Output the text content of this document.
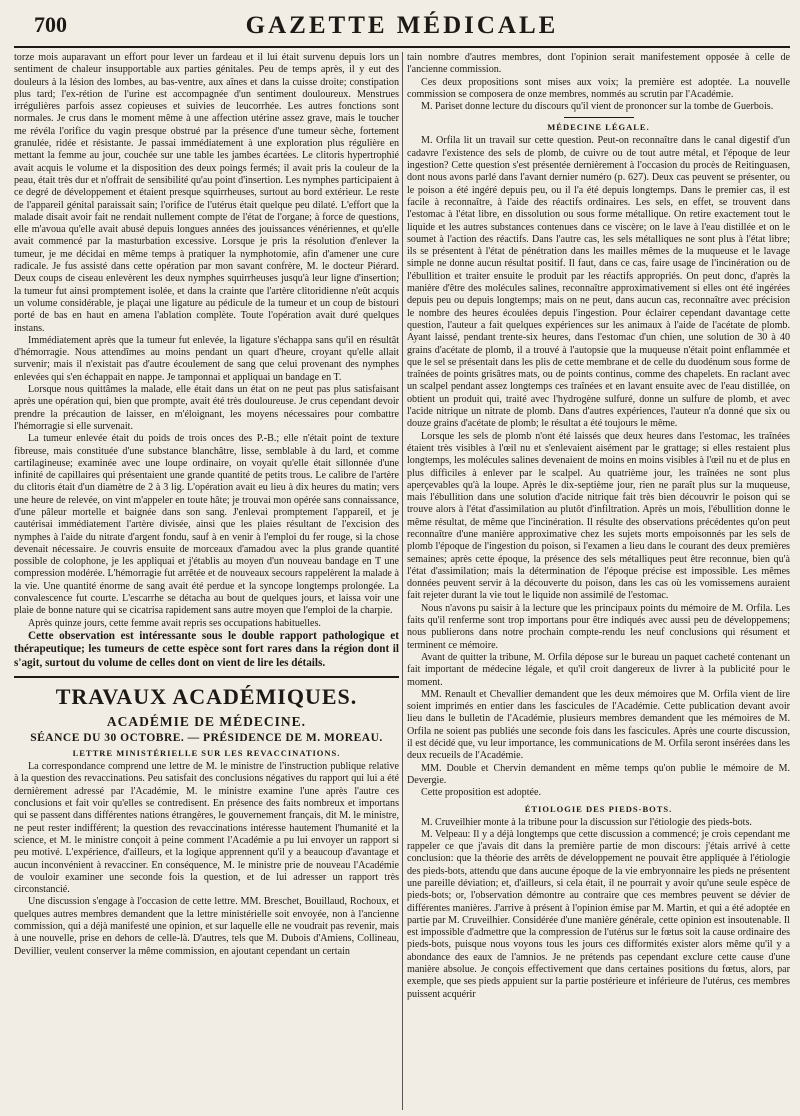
700	GAZETTE MÉDICALE

torze mois auparavant un effort pour lever un fardeau et il lui était survenu depuis lors un sentiment de chaleur insupportable aux parties génitales. Peu de temps après, il y eut des douleurs à la lésion des lombes, au bas-ventre, aux aînes et dans la cuisse droite; constipation plus tard; l'ex-rétion de l'urine est accompagnée d'un sentiment douloureux. Menstrues irrégulières parfois assez copieuses et suivies de leucorrhée. Les autres fonctions sont normales. Je crus dans le moment même à une affection utérine assez grave, mais le toucher me révéla l'orifice du vagin presque obstrué par la présence d'une tumeur sèche, fortement granulée, ridée et résistante. Je passai immédiatement à une exploration plus régulière en mettant la femme au jour, couchée sur une table les jambes écartées. Le clitoris hypertrophié avait acquis le volume et la disposition des deux poings fermés; il avait pris la couleur de la peau, était très dur et n'offrait de sensibilité qu'au point d'insertion. Les nymphes participaient à ce degré de développement et étaient presque squirrheuses, surtout au bord extérieur. Le reste de l'appareil génital paraissait sain; l'orifice de l'utérus était quelque peu dilaté. L'effort que la malade disait avoir fait ne rendait nullement compte de l'état de l'organe; à force de questions, elle m'avoua qu'elle avait abusé depuis longues années des jouissances vénériennes, et qu'elle avait commencé par la masturbation excessive. Lorsque je pris la résolution d'enlever la tumeur, je me décidai en même temps à pratiquer la nymphotomie, afin d'amener une cure radicale. Je fus assisté dans cette opération par mon savant confrère, M. le docteur Piérard. Deux coups de ciseau enlevèrent les deux nymphes squirrheuses jusqu'à leur ligne d'insertion; la tumeur fut ainsi promptement isolée, et dans la crainte que l'artère clitoridienne n'eût acquis un volume considérable, je plaçai une ligature au pédicule de la tumeur et un coup de bistouri porté de bas en haut en amena l'ablation complète. Toute l'opération avait duré quelques instans.

Immédiatement après que la tumeur fut enlevée, la ligature s'échappa sans qu'il en résultât d'hémorragie. Nous attendîmes au moins pendant un quart d'heure, croyant qu'elle allait survenir; mais il n'existait pas d'autre écoulement de sang que celui provenant des nymphes enlevées qui s'en échappait en nappe. Je tamponnai et appliquai un bandage en T.

Lorsque nous quittâmes la malade, elle était dans un état on ne peut pas plus satisfaisant après une opération qui, bien que prompte, avait été très douloureuse. Je crus cependant devoir prendre la précaution de laisser, en m'éloignant, les moyens nécessaires pour combattre l'hémorragie si elle survenait.

La tumeur enlevée était du poids de trois onces des P.-B.; elle n'était point de texture fibreuse, mais constituée d'une substance blanchâtre, lisse, semblable à du lard, et comme cartilagineuse; examinée avec une loupe ordinaire, on voyait qu'elle était sillonnée d'une infinité de capillaires qui présentaient une grande quantité de petits trous. Le calibre de l'artère du clitoris était d'un diamètre de 2 à 3 lig. L'opération avait eu lieu à dix heures du matin; vers une heure de relevée, on vint m'appeler en toute hâte; je trouvai mon opérée sans connaissance, d'une pâleur mortelle et baignée dans son sang. J'enlevai promptement l'appareil, et je cautérisai immédiatement l'artère divisée, ainsi que les plaies résultant de l'excision des nymphes à l'aide du nitrate d'argent fondu, sauf à en venir à l'emploi du fer rouge, si la chose devenait nécessaire. Je couvris ensuite de morceaux d'amadou avec la plus grande quantité possible de colophone, je les appliquai et j'établis au moyen d'un nouveau bandage en T une compression modérée. L'hémorragie fut arrêtée et de nouveaux secours rappelèrent la malade à la vie. Une quantité énorme de sang avait été perdue et la syncope longtemps prolongée. La convalescence fut courte. L'escarrhe se détacha au bout de quelques jours, et laissa voir une plaie de bonne nature qui se cicatrisa rapidement sans autre moyen que l'emploi de la charpie.

Après quinze jours, cette femme avait repris ses occupations habituelles.

Cette observation est intéressante sous le double rapport pathologique et thérapeutique; les tumeurs de cette espèce sont fort rares dans la région dont il s'agit, surtout du volume de celles dont on vient de lire les détails.

TRAVAUX ACADÉMIQUES.
ACADÉMIE DE MÉDECINE.
SÉANCE DU 30 OCTOBRE. — PRÉSIDENCE DE M. MOREAU.
LETTRE MINISTÉRIELLE SUR LES REVACCINATIONS.

La correspondance comprend une lettre de M. le ministre de l'instruction publique relative à la question des revaccinations. Peu satisfait des conclusions négatives du rapport qui lui a été dernièrement adressé par l'Académie, M. le ministre examine l'une après l'autre ces conclusions et fait voir qu'elles se contredisent. En présence des faits nombreux et importans qui se passent dans différentes nations étrangères, le gouvernement français, dit M. le ministre, ne peut rester indifférent; la question des revaccinations intéresse hautement l'humanité et la science, et M. le ministre conçoit à peine comment l'Académie a pu lui envoyer un rapport si peu motivé. L'expérience, d'ailleurs, et la logique apprennent qu'il y a beaucoup d'avantage et aucun inconvénient à revacciner. En conséquence, M. le ministre prie de nouveau l'Académie de vouloir examiner une seconde fois la question, et de lui adresser un rapport très circonstancié.

Une discussion s'engage à l'occasion de cette lettre. MM. Breschet, Bouillaud, Rochoux, et quelques autres membres demandent que la lettre ministérielle soit envoyée, non à l'ancienne commission, qui a déjà manifesté une opinion, et sur laquelle elle ne voudrait pas revenir, mais à une nouvelle, prise en dehors de celle-là. D'autres, tels que M. Dubois d'Amiens, Collineau, Devillier, veulent conserver la même commission, en ajoutant cependant un certain

tain nombre d'autres membres, dont l'opinion serait manifestement opposée à celle de l'ancienne commission.

Ces deux propositions sont mises aux voix; la première est adoptée. La nouvelle commission se composera de onze membres, nommés au scrutin par l'Académie.

M. Pariset donne lecture du discours qu'il vient de prononcer sur la tombe de Guerbois.

MÉDECINE LÉGALE.

M. Orfila lit un travail sur cette question. Peut-on reconnaître dans le canal digestif d'un cadavre l'existence des sels de plomb, de cuivre ou de tout autre métal, et l'époque de leur ingestion? Cette question s'est présentée dernièrement à l'occasion du procès de Reitinguasen, dont nous avons parlé dans l'avant dernier numéro (p. 627). Deux cas peuvent se présenter, ou le poison a été ingéré depuis peu, ou il l'a été depuis longtemps. Dans le premier cas, il est facile à reconnaître, à l'aide des réactifs ordinaires. Les sels, en effet, se trouvent dans l'estomac à l'état libre, en dissolution ou sous forme métallique. On retire exactement tout le liquide et les autres substances contenues dans ce viscère; on le lave à l'eau distillée et on le soumet à l'action des réactifs. Dans l'autre cas, les sels métalliques ne sont plus à l'état libre; ils se présentent à l'état de pénétration dans les mailles mêmes de la muqueuse et le lavage simple ne donne aucun résultat positif. Il faut, dans ce cas, faire usage de l'incinération ou de l'ébullition et traiter ensuite le produit par les réactifs appropriés. On peut donc, d'après la manière d'être des molécules salines, reconnaître approximativement si elles ont été ingérées depuis peu ou depuis longtemps; mais on ne peut, dans aucun cas, reconnaître avec précision le nombre des heures écoulées depuis l'ingestion. Pour éclairer cependant davantage cette question, l'auteur a fait quelques expériences sur les animaux à l'aide de l'acétate de plomb. Ayant laissé, pendant trente-six heures, dans l'estomac d'un chien, une solution de 30 à 40 grains d'acétate de plomb, il a trouvé à l'autopsie que la muqueuse n'était point enflammée et que le sel se présentait dans les plis de cette membrane et de celle du duodénum sous forme de traînées de points grisâtres mats, ou de points continus, comme des chapelets. En raclant avec un scalpel pendant assez longtemps ces traînées et en lavant ensuite avec de l'eau distillée, on obtient un produit qui, traité avec l'hydrogène sulfuré, donne un sulfure de plomb, et avec l'acide nitrique un nitrate de plomb. Dans d'autres expériences, l'auteur n'a donné que six ou douze grains d'acétate de plomb; le résultat a été toujours le même.

Lorsque les sels de plomb n'ont été laissés que deux heures dans l'estomac, les traînées étaient très visibles à l'œil nu et s'enlevaient aisément par le grattage; si elles restaient plus longtemps, les molécules salines devenaient de moins en moins visibles à l'œil nu et de plus en plus difficiles à enlever par le scalpel. Au quatrième jour, les traînées ne sont plus aperçevables qu'à la loupe. Après le dix-septième jour, rien ne paraît plus sur la muqueuse, mais l'ébullition dans une solution d'acide nitrique fait très bien découvrir le poison qui se trouve alors à l'état d'assimilation au plutôt d'infiltration. Après un mois, l'ébullition donne le même résultat, de même que l'incinération. Il résulte des observations précédentes qu'on peut reconnaître d'une manière approximative chez les sujets morts empoisonnés par les sels de plomb l'époque de l'ingestion du poison, si l'examen a lieu dans le courant des deux premières semaines; après cette époque, la présence des sels métalliques peut être reconnue, bien qu'à l'état d'assimilation; mais la détermination de l'époque précise est impossible. Les mêmes données peuvent servir à la découverte du poison, dans les cas où les vomissemens auraient fait rejeter durant la vie tout le liquide non assimilé de l'estomac.

Nous n'avons pu saisir à la lecture que les principaux points du mémoire de M. Orfila. Les faits qu'il renferme sont trop importans pour être indiqués avec aussi peu de développemens; nous publierons dans notre prochain compte-rendu les neuf conclusions qui résument et terminent ce mémoire.

Avant de quitter la tribune, M. Orfila dépose sur le bureau un paquet cacheté contenant un fait important de médecine légale, et qu'il croit dangereux de livrer à la publicité pour le moment.

MM. Renault et Chevallier demandent que les deux mémoires que M. Orfila vient de lire soient imprimés en entier dans les fascicules de l'Académie. Cette publication devant avoir lieu dans le bulletin de l'Académie, plusieurs membres demandent que les mémoires de M. Orfila ne soient pas publiés une seconde fois dans les fascicules. Après une courte discussion, il est décidé que, vu leur importance, les communications de M. Orfila seront insérées dans les deux recueils de l'Académie.

MM. Double et Chervin demandent en même temps qu'on publie le mémoire de M. Devergie.

Cette proposition est adoptée.

ÉTIOLOGIE DES PIEDS-BOTS.

M. Cruveilhier monte à la tribune pour la discussion sur l'étiologie des pieds-bots.

M. Velpeau: Il y a déjà longtemps que cette discussion a commencé; je crois cependant me rappeler ce que j'avais dit dans la première partie de mon discours: j'étais arrivé à cette conclusion: que la théorie des arrêts de développement ne pouvait être appliquée à l'étiologie des pieds-bots, attendu que dans aucune époque de la vie embryonnaire les pieds ne présentent une pareille déviation; et, d'ailleurs, si cela était, il ne pourrait y avoir qu'une seule espèce de pieds-bots; or, l'observation démontre au contraire que ces membres peuvent se dévier de différentes manières. J'arrive à présent à l'opinion émise par M. Martin, et qui a été adoptée en partie par M. Cruveilhier. Considérée d'une manière générale, cette opinion est insoutenable. Il est impossible d'admettre que la compression de l'utérus sur le fœtus soit la cause ordinaire des pieds-bots, puisque nous voyons tous les jours ces difformités exister alors même qu'il y a abondance des eaux de l'amnios. Je ne prétends pas cependant exclure cette cause d'une manière absolue. Je conçois effectivement que dans certaines positions du fœtus, alors, par exemple, que ses pieds appuient sur la partie postérieure et inférieure de l'utérus, ces membres puissent acquérir
